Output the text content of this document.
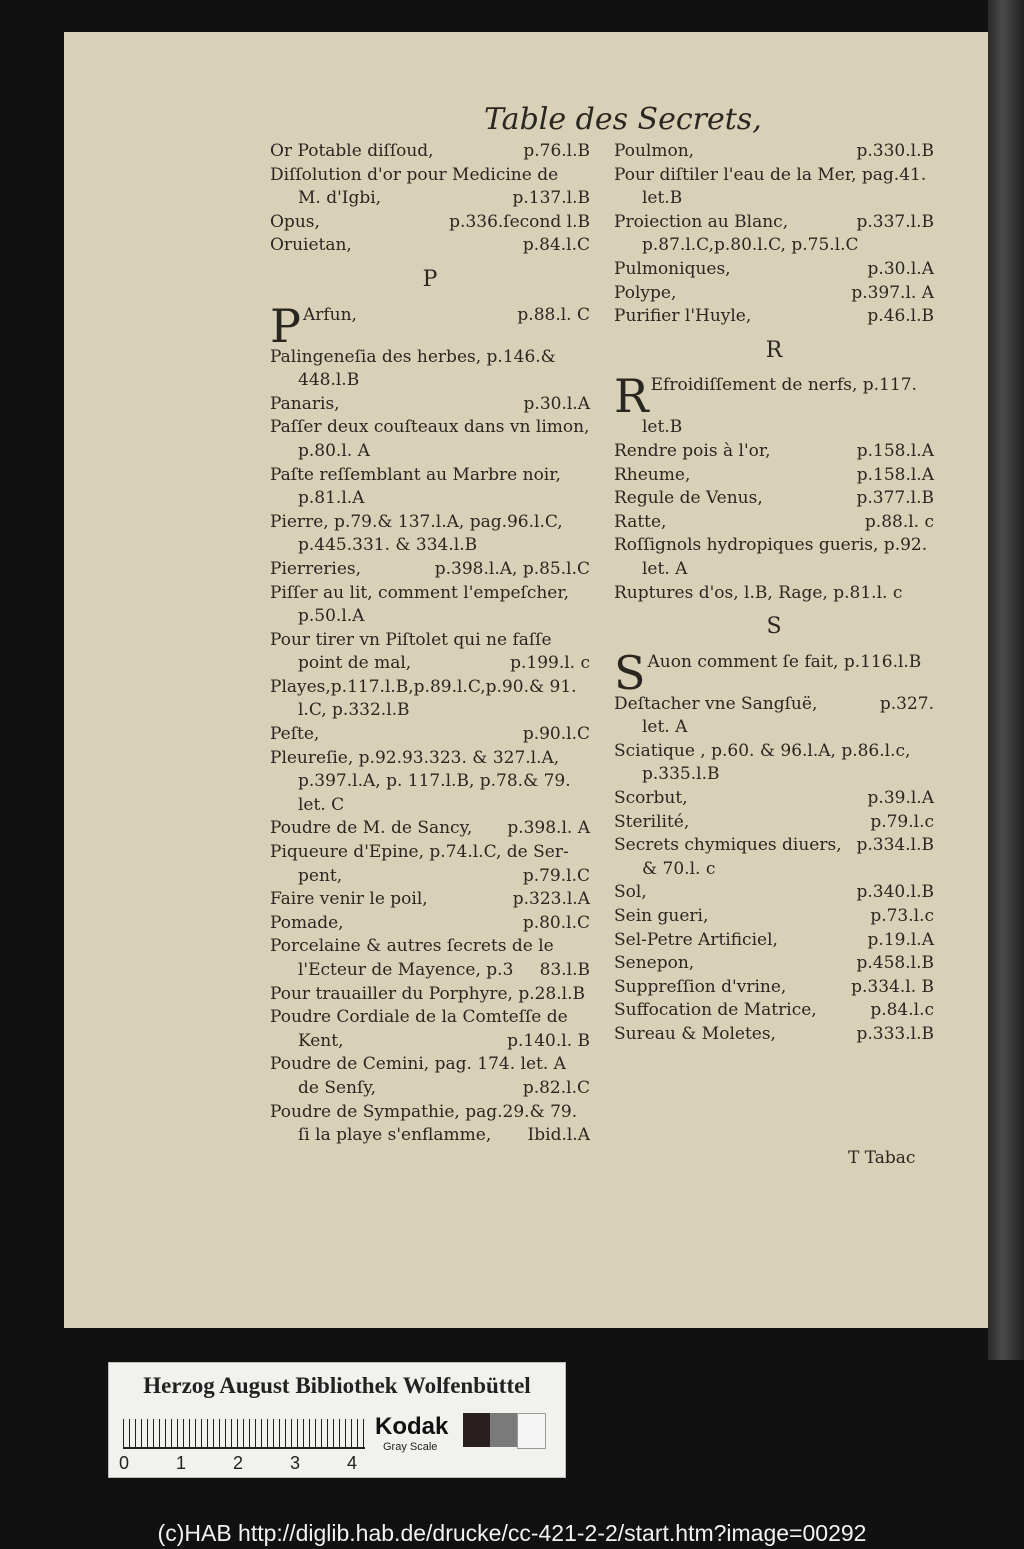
Table des Secrets,
Or Potable diſſoud,	p.76.l.B
Diſſolution d'or pour Medicine de
M. d'Igbi,	p.137.l.B
Opus,	p.336.ſecond l.B
Oruietan,	p.84.l.C
P
P Arfun,	p.88.l. C
Palingeneſia des herbes, p.146.&
448.l.B
Panaris,	p.30.l.A
Paſſer deux couſteaux dans vn limon,
p.80.l. A
Paſte reſſemblant au Marbre noir,
p.81.l.A
Pierre, p.79.& 137.l.A, pag.96.l.C,
p.445.331. & 334.l.B
Pierreries,	p.398.l.A, p.85.l.C
Piſſer au lit, comment l'empeſcher,
p.50.l.A
Pour tirer vn Piſtolet qui ne faſſe
point de mal,	p.199.l. c
Playes,p.117.l.B,p.89.l.C,p.90.& 91.
l.C, p.332.l.B
Peſte,	p.90.l.C
Pleureſie, p.92.93.323. & 327.l.A,
p.397.l.A, p. 117.l.B, p.78.& 79.
let. C
Poudre de M. de Sancy, p.398.l. A
Piqueure d'Epine, p.74.l.C, de Ser-
pent,	p.79.l.C
Faire venir le poil,	p.323.l.A
Pomade,	p.80.l.C
Porcelaine & autres ſecrets de le
l'Ecteur de Mayence, p.3 83.l.B
Pour trauailler du Porphyre, p.28.l.B
Poudre Cordiale de la Comteſſe de
Kent,	p.140.l. B
Poudre de Cemini, pag. 174. let. A
de Senſy,	p.82.l.C
Poudre de Sympathie, pag.29.& 79.
ſi la playe s'enflamme, Ibid.l.A
Poulmon,	p.330.l.B
Pour diſtiler l'eau de la Mer, pag.41.
let.B
Proiection au Blanc,	p.337.l.B
p.87.l.C,p.80.l.C, p.75.l.C
Pulmoniques,	p.30.l.A
Polype,	p.397.l. A
Purifier l'Huyle,	p.46.l.B
R
R Efroidiſſement de nerfs, p.117.
let.B
Rendre pois à l'or,	p.158.l.A
Rheume,	p.158.l.A
Regule de Venus,	p.377.l.B
Ratte,	p.88.l. c
Roſſignols hydropiques gueris, p.92.
let. A
Ruptures d'os, l.B, Rage, p.81.l. c
S
S Auon comment ſe fait, p.116.l.B
Deſtacher vne Sangſuë,	p.327.
let. A
Sciatique , p.60. & 96.l.A, p.86.l.c,
p.335.l.B
Scorbut,	p.39.l.A
Sterilité,	p.79.l.c
Secrets chymiques diuers, p.334.l.B
& 70.l. c
Sol,	p.340.l.B
Sein gueri,	p.73.l.c
Sel-Petre Artificiel,	p.19.l.A
Senepon,	p.458.l.B
Suppreſſion d'vrine,	p.334.l. B
Suffocation de Matrice,	p.84.l.c
Sureau & Moletes,	p.333.l.B
T Tabac
Herzog August Bibliothek Wolfenbüttel
0	1	2	3	4
Kodak
Gray Scale
(c)HAB http://diglib.hab.de/drucke/cc-421-2-2/start.htm?image=00292
